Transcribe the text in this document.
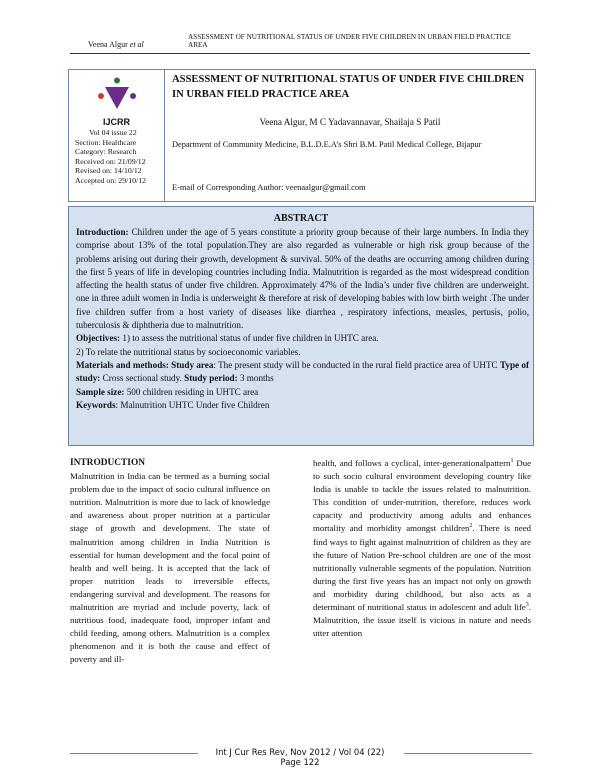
Veena Algur et al
ASSESSMENT OF NUTRITIONAL STATUS OF UNDER FIVE CHILDREN IN URBAN FIELD PRACTICE AREA
IJCRR
Vol 04 issue 22
Section: Healthcare
Category: Research
Received on: 21/09/12
Revised on: 14/10/12
Accepted on: 29/10/12
ASSESSMENT OF NUTRITIONAL STATUS OF UNDER FIVE CHILDREN IN URBAN FIELD PRACTICE AREA
Veena Algur, M C Yadavannavar, Shailaja S Patil
Department of Community Medicine, B.L.D.E.A’s Shri B.M. Patil Medical College, Bijapur
E-mail of Corresponding Author: veenaalgur@gmail.com
ABSTRACT

Introduction: Children under the age of 5 years constitute a priority group because of their large numbers. In India they comprise about 13% of the total population.They are also regarded as vulnerable or high risk group because of the problems arising out during their growth, development & survival. 50% of the deaths are occurring among children during the first 5 years of life in developing countries including India. Malnutrition is regarded as the most widespread condition affecting the health status of under five children. Approximately 47% of the India’s under five children are underweight. one in three adult women in India is underweight & therefore at risk of developing babies with low birth weight .The under five children suffer from a host variety of diseases like diarrhea , respiratory infections, measles, pertusis, polio, tuberculosis & diphtheria due to malnutrition.

Objectives: 1) to assess the nutritional status of under five children in UHTC area.

2) To relate the nutritional status by socioeconomic variables.

Materials and methods: Study area: The present study will be conducted in the rural field practice area of UHTC Type of study: Cross sectional study. Study period: 3 months

Sample size: 500 children residing in UHTC area

Keywords: Malnutrition UHTC Under five Children

INTRODUCTION

Malnutrition in India can be termed as a burning social problem due to the impact of socio cultural influence on nutrition. Malnutrition is more due to lack of knowledge and awareness about proper nutrition at a particular stage of growth and development. The state of malnutrition among children in India Nutrition is essential for human development and the focal point of health and well being. It is accepted that the lack of proper nutrition leads to irreversible effects, endangering survival and development. The reasons for malnutrition are myriad and include poverty, lack of nutritious food, inadequate food, improper infant and child feeding, among others. Malnutrition is a complex phenomenon and it is both the cause and effect of poverty and ill-

health, and follows a cyclical, inter-generationalpattern$^1$ Due to such socio cultural environment developing country like India is unable to tackle the issues related to malnutrition. This condition of under-nutrition, therefore, reduces work capacity and productivity among adults and enhances mortality and morbidity amongst children$^2$. There is need find ways to fight against malnutrition of children as they are the future of Nation Pre-school children are one of the most nutritionally vulnerable segments of the population. Nutrition during the first five years has an impact not only on growth and morbidity during childhood, but also acts as a determinant of nutritional status in adolescent and adult life$^3$. Malnutrition, the issue itself is vicious in nature and needs utter attention

Int J Cur Res Rev, Nov 2012 / Vol 04 (22)
Page 122
